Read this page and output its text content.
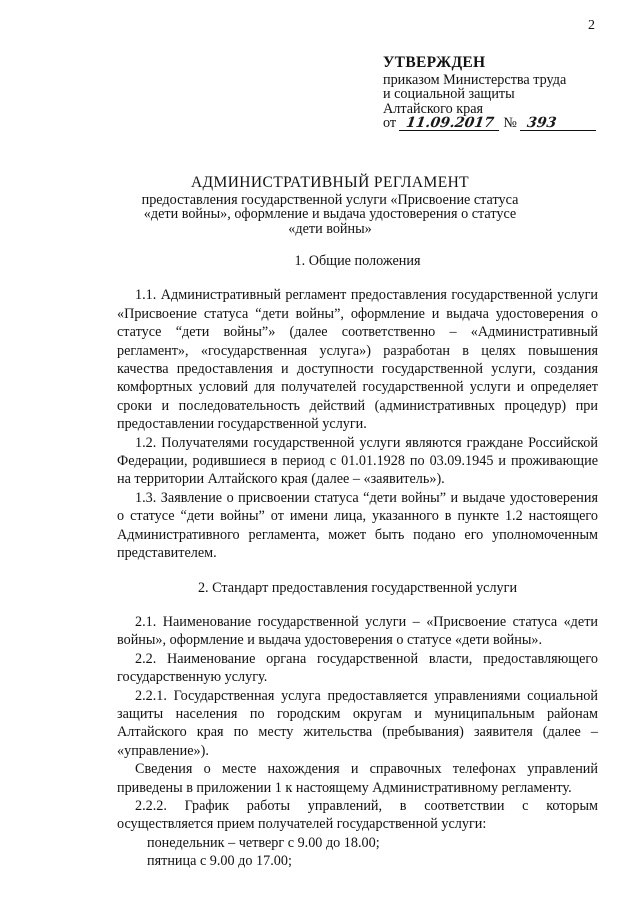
2
УТВЕРЖДЕН
приказом Министерства труда
и социальной защиты
Алтайского края
от
11.09.2017 № 393
АДМИНИСТРАТИВНЫЙ РЕГЛАМЕНТ
предоставления государственной услуги «Присвоение статуса
«дети войны», оформление и выдача удостоверения о статусе
«дети войны»

1. Общие положения

1.1. Административный регламент предоставления государственной услуги «Присвоение статуса “дети войны”, оформление и выдача удостоверения о статусе “дети войны”» (далее соответственно – «Административный регламент», «государственная услуга») разработан в целях повышения качества предоставления и доступности государственной услуги, создания комфортных условий для получателей государственной услуги и определяет сроки и последовательность действий (административных процедур) при предоставлении государственной услуги.

1.2. Получателями государственной услуги являются граждане Российской Федерации, родившиеся в период с 01.01.1928 по 03.09.1945 и проживающие на территории Алтайского края (далее – «заявитель»).

1.3. Заявление о присвоении статуса “дети войны” и выдаче удостоверения о статусе “дети войны” от имени лица, указанного в пункте 1.2 настоящего Административного регламента, может быть подано его уполномоченным представителем.

2. Стандарт предоставления государственной услуги

2.1. Наименование государственной услуги – «Присвоение статуса «дети войны», оформление и выдача удостоверения о статусе «дети войны».

2.2. Наименование органа государственной власти, предоставляющего государственную услугу.

2.2.1. Государственная услуга предоставляется управлениями социальной защиты населения по городским округам и муниципальным районам Алтайского края по месту жительства (пребывания) заявителя (далее – «управление»).

Сведения о месте нахождения и справочных телефонах управлений приведены в приложении 1 к настоящему Административному регламенту.

2.2.2. График работы управлений, в соответствии с которым осуществляется прием получателей государственной услуги:

понедельник – четверг с 9.00 до 18.00;

пятница с 9.00 до 17.00;
